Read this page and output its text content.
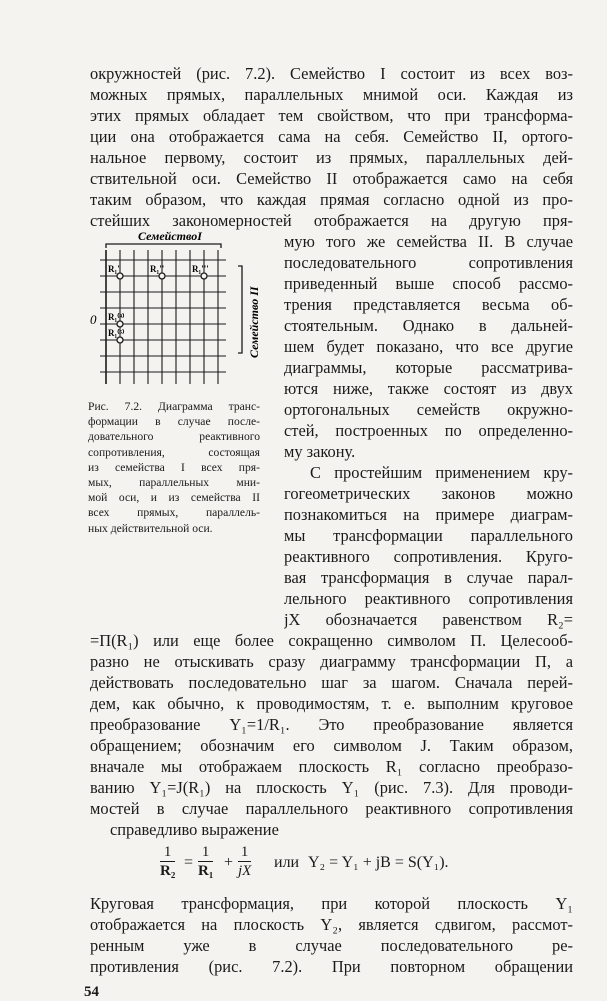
окружностей (рис. 7.2). Семейство I состоит из всех воз-
можных прямых, параллельных мнимой оси. Каждая из
этих прямых обладает тем свойством, что при трансформа-
ции она отображается сама на себя. Семейство II, ортого-
нальное первому, состоит из прямых, параллельных дей-
ствительной оси. Семейство II отображается само на себя
таким образом, что каждая прямая согласно одной из про-
стейших закономерностей отображается на другую пря-
мую того же семейства II. В случае
последовательного сопротивления
приведенный выше способ рассмо-
трения представляется весьма об-
стоятельным. Однако в дальней-
шем будет показано, что все другие
диаграммы, которые рассматрива-
ются ниже, также состоят из двух
ортогональных семейств окружно-
стей, построенных по определенно-
му закону.
С простейшим применением кру-
гогеометрических законов можно
познакомиться на примере диаграм-
мы трансформации параллельного
реактивного сопротивления. Круго-
вая трансформация в случае парал-
лельного реактивного сопротивления
jX обозначается равенством R₂=
=П(R₁) или еще более сокращенно символом П. Целесооб-
разно не отыскивать сразу диаграмму трансформации П, а
действовать последовательно шаг за шагом. Сначала перей-
дем, как обычно, к проводимостям, т. е. выполним круговое
преобразование Y₁=1/R₁. Это преобразование является
обращением; обозначим его символом J. Таким образом,
вначале мы отображаем плоскость R₁ согласно преобразо-
ванию Y₁=J(R₁) на плоскость Y₁ (рис. 7.3). Для проводи-
мостей в случае параллельного реактивного сопротивления
справедливо выражение
Рис. 7.2. Диаграмма транс-
формации в случае после-
довательного реактивного
сопротивления, состоящая
из семейства I всех пря-
мых, параллельных мни-
мой оси, и из семейства II
всех прямых, параллель-
ных действительной оси.
СемействоI
Семейство II
0
R₁'	R₁''	R₁'''
R₁⁽⁴⁾
R₁⁽⁵⁾
$\frac{1}{\text{R₂}} = \frac{1}{\text{R₁}} + \frac{1}{jX}$ или Y₂ = Y₁ + jB = S(Y₁).
54
Круговая трансформация, при которой плоскость Y₁
отображается на плоскость Y₂, является сдвигом, рассмот-
ренным уже в случае последовательного ре-
противления (рис. 7.2). При повторном обращении
